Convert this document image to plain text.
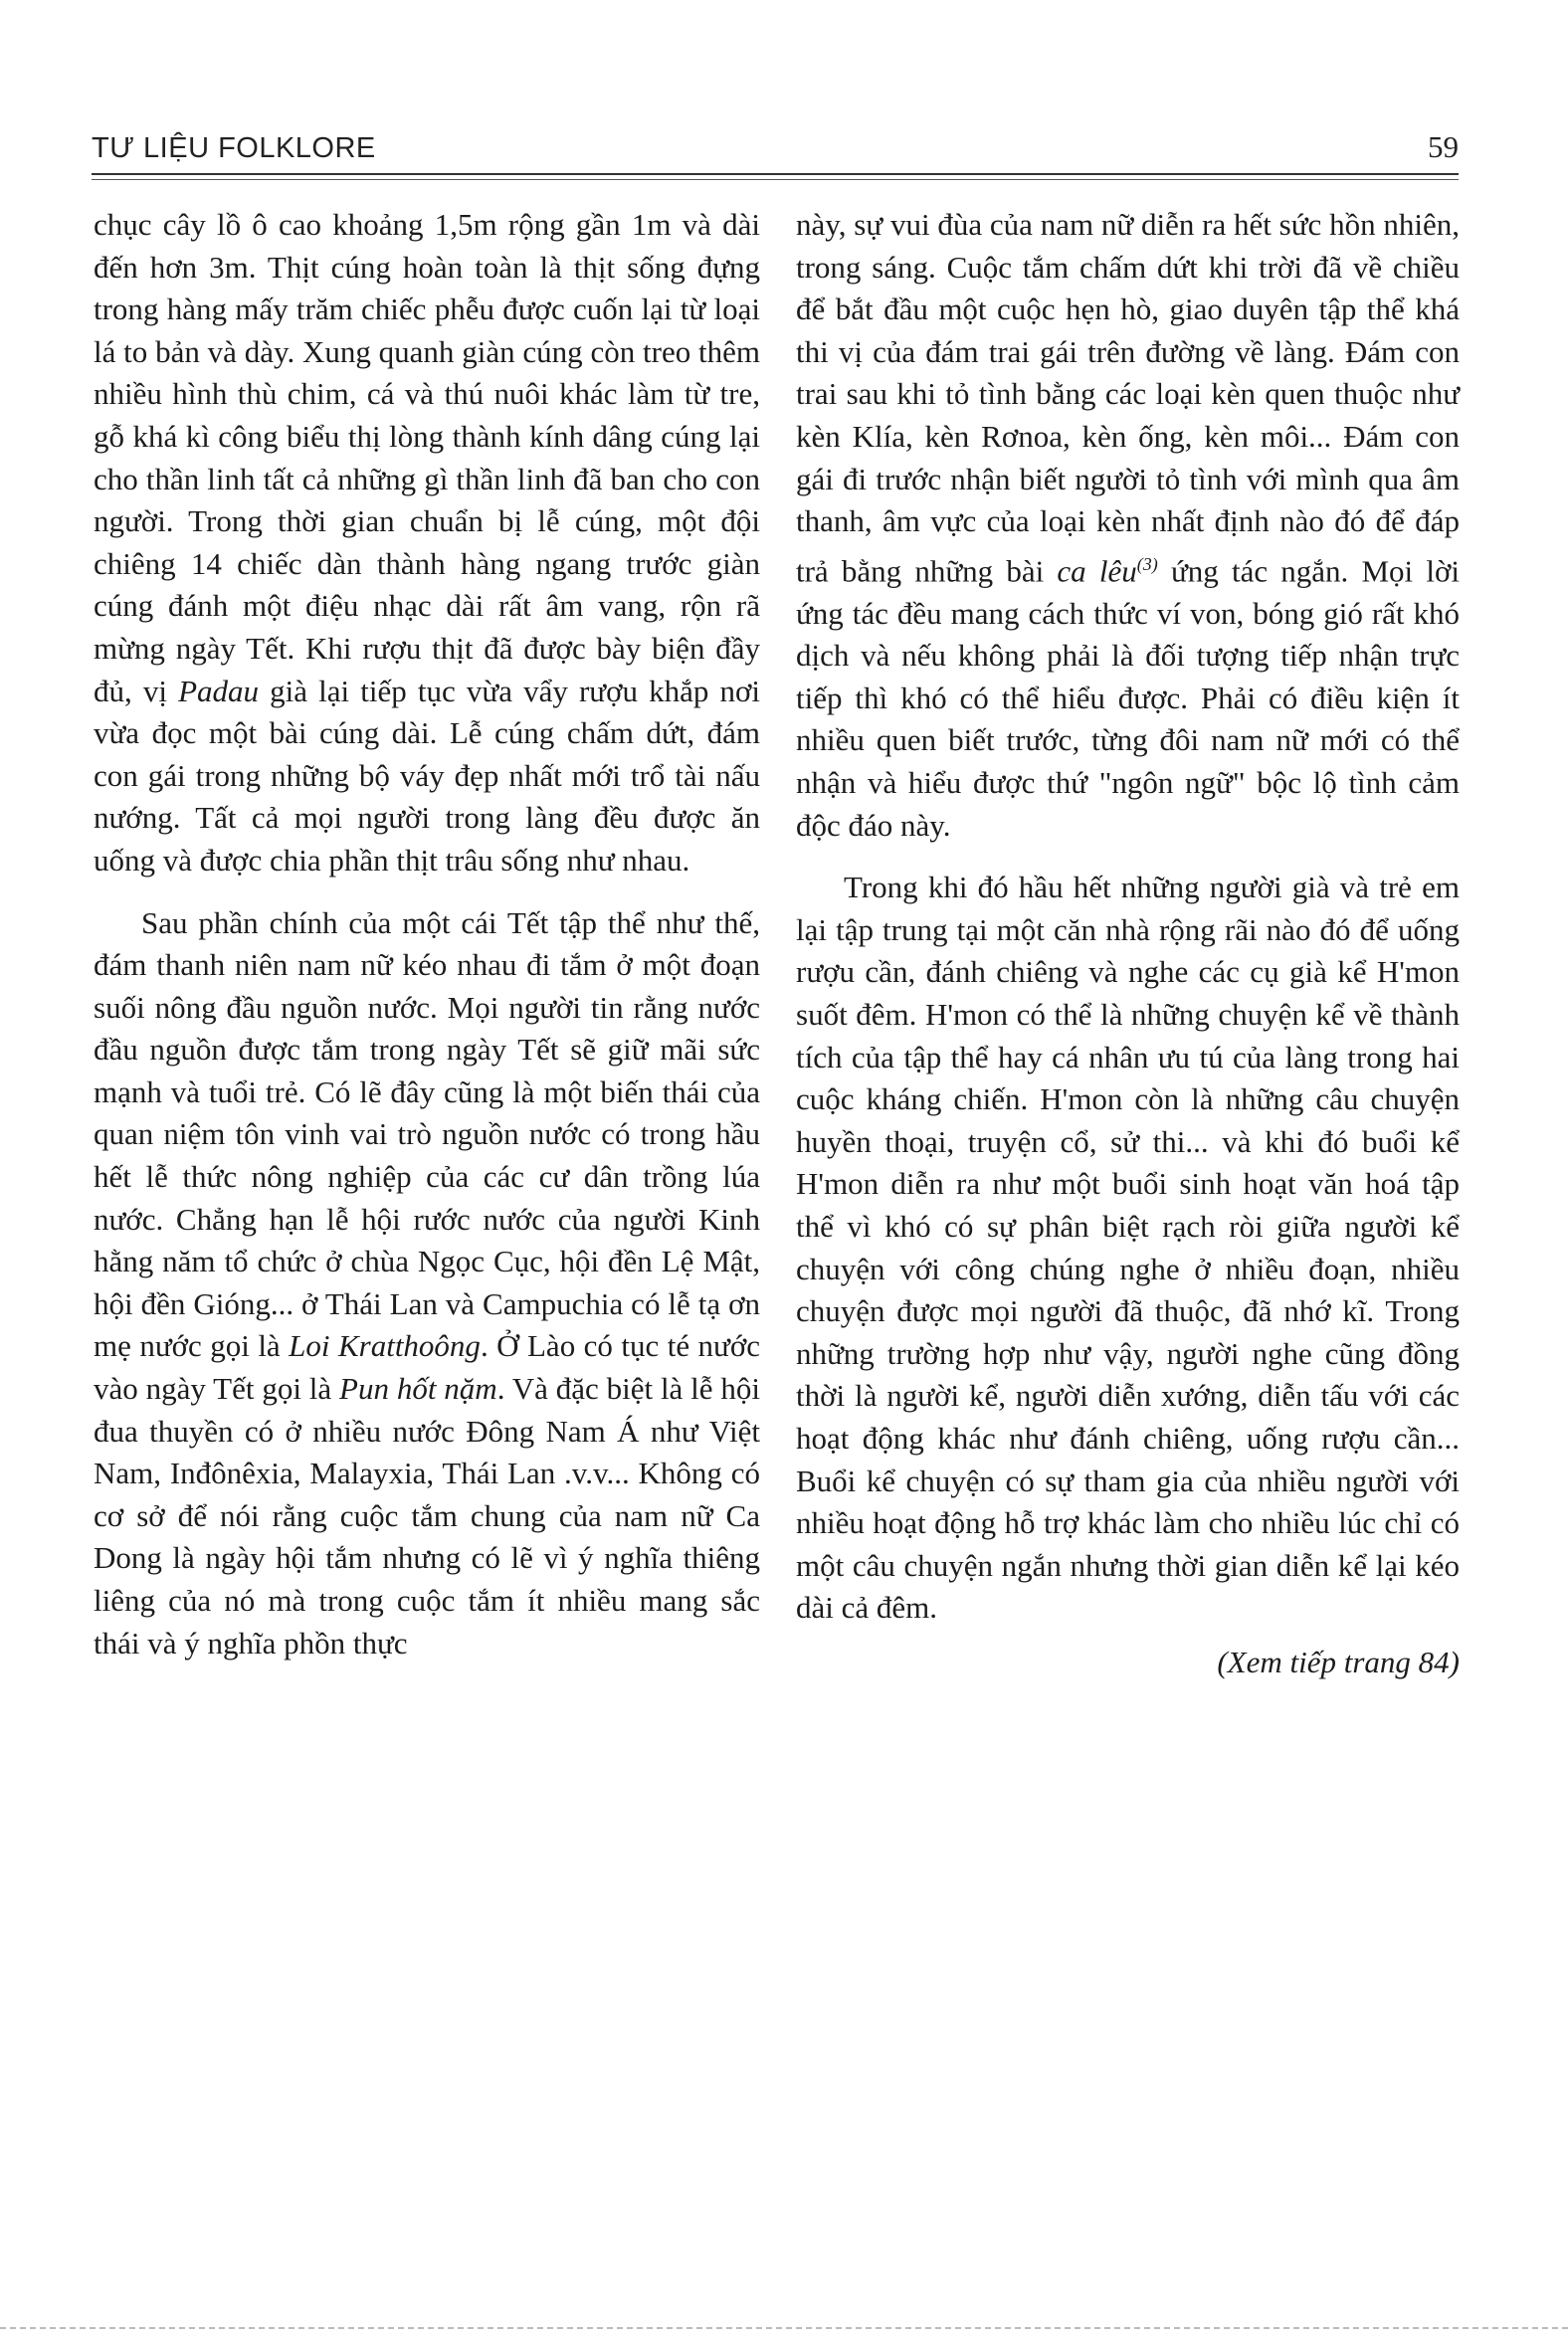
TƯ LIỆU FOLKLORE	59

chục cây lồ ô cao khoảng 1,5m rộng gần 1m và dài đến hơn 3m. Thịt cúng hoàn toàn là thịt sống đựng trong hàng mấy trăm chiếc phễu được cuốn lại từ loại lá to bản và dày. Xung quanh giàn cúng còn treo thêm nhiều hình thù chim, cá và thú nuôi khác làm từ tre, gỗ khá kì công biểu thị lòng thành kính dâng cúng lại cho thần linh tất cả những gì thần linh đã ban cho con người. Trong thời gian chuẩn bị lễ cúng, một đội chiêng 14 chiếc dàn thành hàng ngang trước giàn cúng đánh một điệu nhạc dài rất âm vang, rộn rã mừng ngày Tết. Khi rượu thịt đã được bày biện đầy đủ, vị Padau già lại tiếp tục vừa vẩy rượu khắp nơi vừa đọc một bài cúng dài. Lễ cúng chấm dứt, đám con gái trong những bộ váy đẹp nhất mới trổ tài nấu nướng. Tất cả mọi người trong làng đều được ăn uống và được chia phần thịt trâu sống như nhau.

Sau phần chính của một cái Tết tập thể như thế, đám thanh niên nam nữ kéo nhau đi tắm ở một đoạn suối nông đầu nguồn nước. Mọi người tin rằng nước đầu nguồn được tắm trong ngày Tết sẽ giữ mãi sức mạnh và tuổi trẻ. Có lẽ đây cũng là một biến thái của quan niệm tôn vinh vai trò nguồn nước có trong hầu hết lễ thức nông nghiệp của các cư dân trồng lúa nước. Chẳng hạn lễ hội rước nước của người Kinh hằng năm tổ chức ở chùa Ngọc Cục, hội đền Lệ Mật, hội đền Gióng... ở Thái Lan và Campuchia có lễ tạ ơn mẹ nước gọi là Loi Kratthoông. Ở Lào có tục té nước vào ngày Tết gọi là Pun hốt nặm. Và đặc biệt là lễ hội đua thuyền có ở nhiều nước Đông Nam Á như Việt Nam, Inđônêxia, Malayxia, Thái Lan .v.v... Không có cơ sở để nói rằng cuộc tắm chung của nam nữ Ca Dong là ngày hội tắm nhưng có lẽ vì ý nghĩa thiêng liêng của nó mà trong cuộc tắm ít nhiều mang sắc thái và ý nghĩa phồn thực

này, sự vui đùa của nam nữ diễn ra hết sức hồn nhiên, trong sáng. Cuộc tắm chấm dứt khi trời đã về chiều để bắt đầu một cuộc hẹn hò, giao duyên tập thể khá thi vị của đám trai gái trên đường về làng. Đám con trai sau khi tỏ tình bằng các loại kèn quen thuộc như kèn Klía, kèn Rơnoa, kèn ống, kèn môi... Đám con gái đi trước nhận biết người tỏ tình với mình qua âm thanh, âm vực của loại kèn nhất định nào đó để đáp trả bằng những bài ca lêu$^{(3)}$ ứng tác ngắn. Mọi lời ứng tác đều mang cách thức ví von, bóng gió rất khó dịch và nếu không phải là đối tượng tiếp nhận trực tiếp thì khó có thể hiểu được. Phải có điều kiện ít nhiều quen biết trước, từng đôi nam nữ mới có thể nhận và hiểu được thứ "ngôn ngữ" bộc lộ tình cảm độc đáo này.

Trong khi đó hầu hết những người già và trẻ em lại tập trung tại một căn nhà rộng rãi nào đó để uống rượu cần, đánh chiêng và nghe các cụ già kể H'mon suốt đêm. H'mon có thể là những chuyện kể về thành tích của tập thể hay cá nhân ưu tú của làng trong hai cuộc kháng chiến. H'mon còn là những câu chuyện huyền thoại, truyện cổ, sử thi... và khi đó buổi kể H'mon diễn ra như một buổi sinh hoạt văn hoá tập thể vì khó có sự phân biệt rạch ròi giữa người kể chuyện với công chúng nghe ở nhiều đoạn, nhiều chuyện được mọi người đã thuộc, đã nhớ kĩ. Trong những trường hợp như vậy, người nghe cũng đồng thời là người kể, người diễn xướng, diễn tấu với các hoạt động khác như đánh chiêng, uống rượu cần... Buổi kể chuyện có sự tham gia của nhiều người với nhiều hoạt động hỗ trợ khác làm cho nhiều lúc chỉ có một câu chuyện ngắn nhưng thời gian diễn kể lại kéo dài cả đêm.

(Xem tiếp trang 84)
